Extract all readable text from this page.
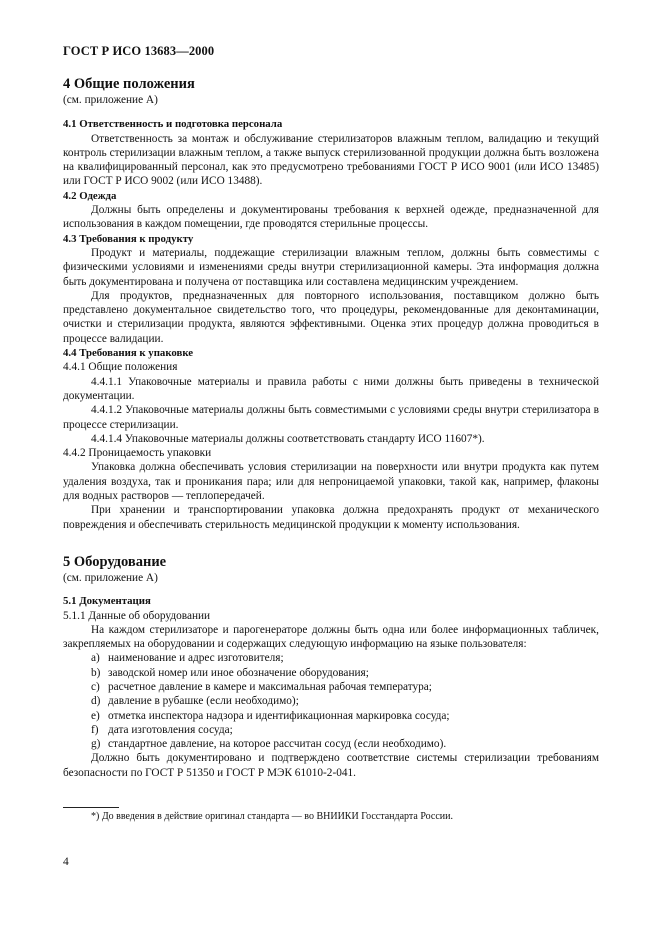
ГОСТ Р ИСО 13683—2000

4 Общие положения

(см. приложение А)

4.1 Ответственность и подготовка персонала

Ответственность за монтаж и обслуживание стерилизаторов влажным теплом, валидацию и текущий контроль стерилизации влажным теплом, а также выпуск стерилизованной продукции должна быть возложена на квалифицированный персонал, как это предусмотрено требованиями ГОСТ Р ИСО 9001 (или ИСО 13485) или ГОСТ Р ИСО 9002 (или ИСО 13488).

4.2 Одежда

Должны быть определены и документированы требования к верхней одежде, предназначенной для использования в каждом помещении, где проводятся стерильные процессы.

4.3 Требования к продукту

Продукт и материалы, поддежащие стерилизации влажным теплом, должны быть совместимы с физическими условиями и изменениями среды внутри стерилизационной камеры. Эта информация должна быть документирована и получена от поставщика или составлена медицинским учреждением.

Для продуктов, предназначенных для повторного использования, поставщиком должно быть представлено документальное свидетельство того, что процедуры, рекомендованные для деконтаминации, очистки и стерилизации продукта, являются эффективными. Оценка этих процедур должна проводиться в процессе валидации.

4.4 Требования к упаковке

4.4.1 Общие положения

4.4.1.1 Упаковочные материалы и правила работы с ними должны быть приведены в технической документации.

4.4.1.2 Упаковочные материалы должны быть совместимыми с условиями среды внутри стерилизатора в процессе стерилизации.

4.4.1.4 Упаковочные материалы должны соответствовать стандарту ИСО 11607*).

4.4.2 Проницаемость упаковки

Упаковка должна обеспечивать условия стерилизации на поверхности или внутри продукта как путем удаления воздуха, так и проникания пара; или для непроницаемой упаковки, такой как, например, флаконы для водных растворов — теплопередачей.

При хранении и транспортировании упаковка должна предохранять продукт от механического повреждения и обеспечивать стерильность медицинской продукции к моменту использования.

5 Оборудование

(см. приложение А)

5.1 Документация

5.1.1 Данные об оборудовании

На каждом стерилизаторе и парогенераторе должны быть одна или более информационных табличек, закрепляемых на оборудовании и содержащих следующую информацию на языке пользователя:

a) наименование и адрес изготовителя;
b) заводской номер или иное обозначение оборудования;
c) расчетное давление в камере и максимальная рабочая температура;
d) давление в рубашке (если необходимо);
e) отметка инспектора надзора и идентификационная маркировка сосуда;
f) дата изготовления сосуда;
g) стандартное давление, на которое рассчитан сосуд (если необходимо).

Должно быть документировано и подтверждено соответствие системы стерилизации требованиям безопасности по ГОСТ Р 51350 и ГОСТ Р МЭК 61010-2-041.

*) До введения в действие оригинал стандарта — во ВНИИКИ Госстандарта России.
4
